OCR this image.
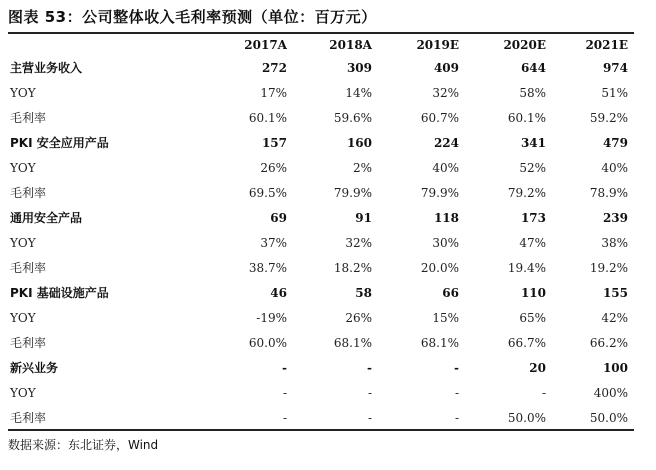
图表 53：公司整体收入毛利率预测（单位：百万元）
	2017A	2018A	2019E	2020E	2021E
主营业务收入	272	309	409	644	974
YOY	17%	14%	32%	58%	51%
毛利率	60.1%	59.6%	60.7%	60.1%	59.2%
PKI 安全应用产品	157	160	224	341	479
YOY	26%	2%	40%	52%	40%
毛利率	69.5%	79.9%	79.9%	79.2%	78.9%
通用安全产品	69	91	118	173	239
YOY	37%	32%	30%	47%	38%
毛利率	38.7%	18.2%	20.0%	19.4%	19.2%
PKI 基础设施产品	46	58	66	110	155
YOY	-19%	26%	15%	65%	42%
毛利率	60.0%	68.1%	68.1%	66.7%	66.2%
新兴业务	-	-	-	20	100
YOY	-	-	-	-	400%
毛利率	-	-	-	50.0%	50.0%
数据来源：东北证券，Wind
